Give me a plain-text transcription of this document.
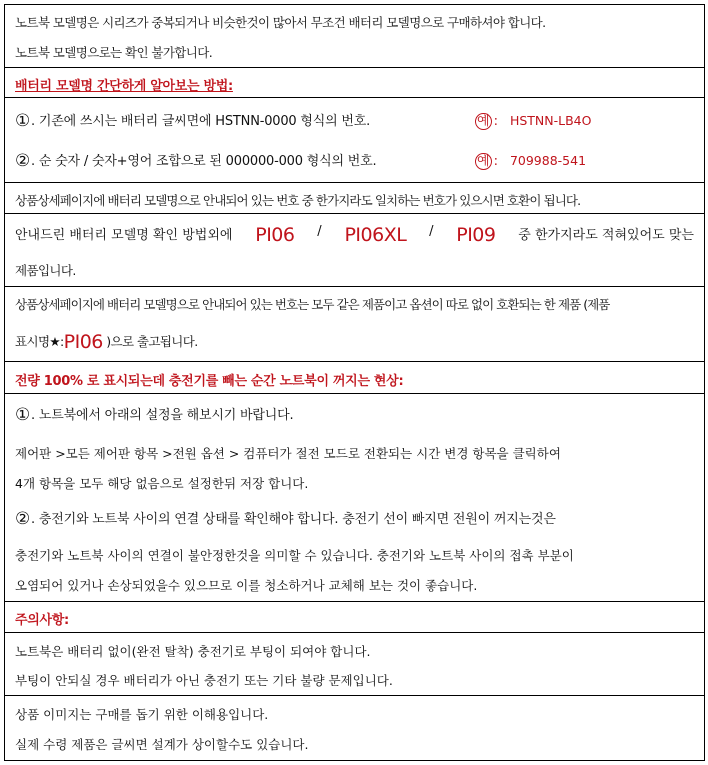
노트북 모델명은 시리즈가 중복되거나 비슷한것이 많아서 무조건 배터리 모델명으로 구매하셔야 합니다.
노트북 모델명으로는 확인 불가합니다.
배터리 모델명 간단하게 알아보는 방법:
①. 기존에 쓰시는 배터리 글씨면에 HSTNN-0000 형식의 번호.	예 : HSTNN-LB4O
②. 순 숫자 / 숫자+영어 조합으로 된 000000-000 형식의 번호.	예 : 709988-541
상품상세페이지에 배터리 모델명으로 안내되어 있는 번호 중 한가지라도 일치하는 번호가 있으시면 호환이 됩니다.
안내드린 배터리 모델명 확인 방법외에 PI06 / PI06XL / PI09 중 한가지라도 적혀있어도 맞는
제품입니다.
상품상세페이지에 배터리 모델명으로 안내되어 있는 번호는 모두 같은 제품이고 옵션이 따로 없이 호환되는 한 제품 (제품
표시명★:PI06 )으로 출고됩니다.
전량 100% 로 표시되는데 충전기를 빼는 순간 노트북이 꺼지는 현상:
①. 노트북에서 아래의 설정을 해보시기 바랍니다.
제어판 >모든 제어판 항목 >전원 옵션 > 컴퓨터가 절전 모드로 전환되는 시간 변경 항목을 클릭하여
4개 항목을 모두 해당 없음으로 설정한뒤 저장 합니다.
②. 충전기와 노트북 사이의 연결 상태를 확인해야 합니다. 충전기 선이 빠지면 전원이 꺼지는것은
충전기와 노트북 사이의 연결이 불안정한것을 의미할 수 있습니다. 충전기와 노트북 사이의 접촉 부분이
오염되어 있거나 손상되었을수 있으므로 이를 청소하거나 교체해 보는 것이 좋습니다.
주의사항:
노트북은 배터리 없이(완전 탈착) 충전기로 부팅이 되여야 합니다.
부팅이 안되실 경우 배터리가 아닌 충전기 또는 기타 불량 문제입니다.
상품 이미지는 구매를 돕기 위한 이해용입니다.
실제 수령 제품은 글씨면 설계가 상이할수도 있습니다.
